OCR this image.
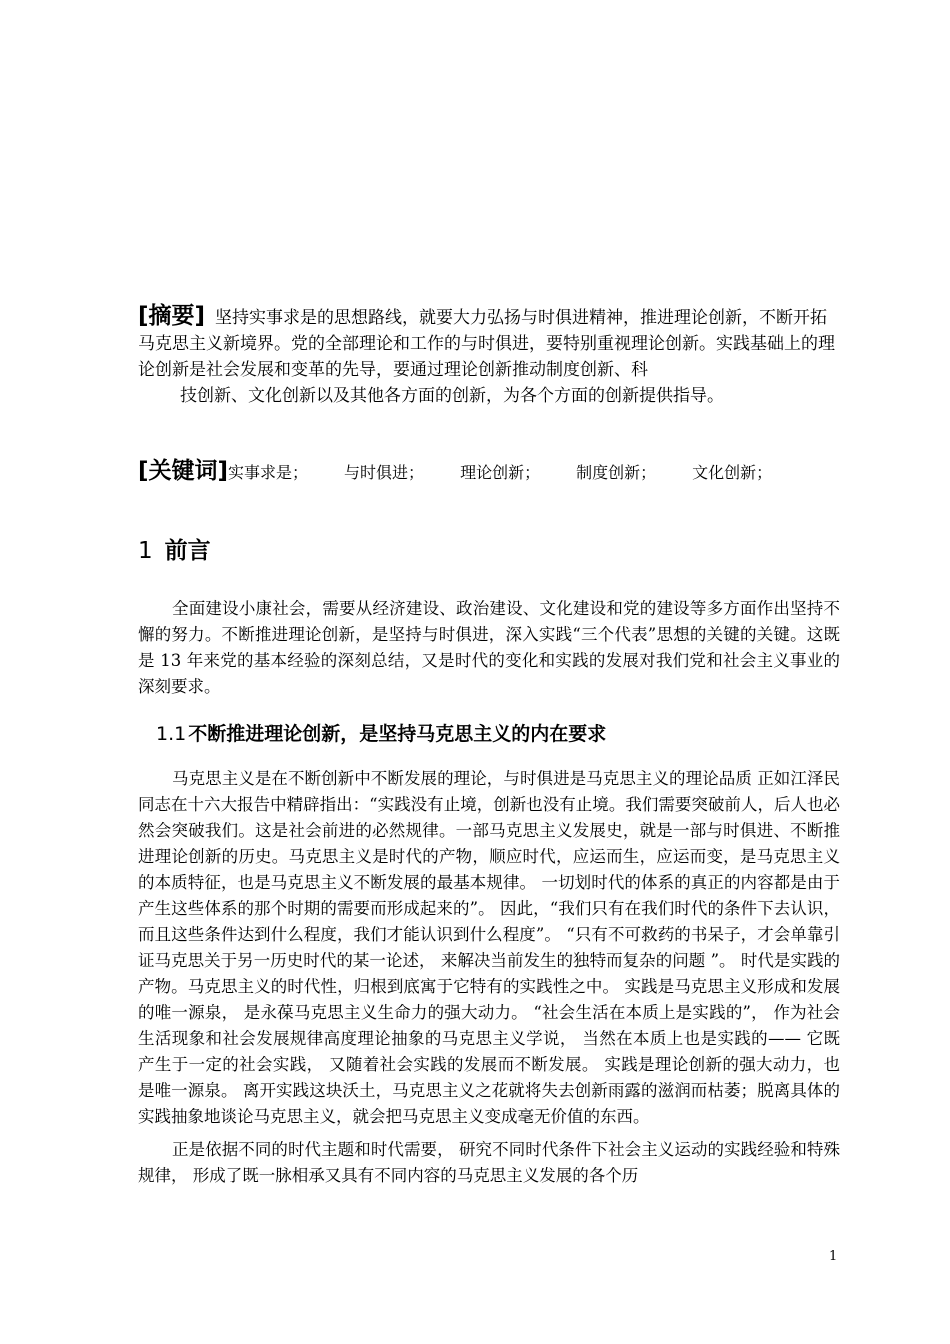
[摘要] 坚持实事求是的思想路线，就要大力弘扬与时俱进精神，推进理论创新，不断开拓马克思主义新境界。党的全部理论和工作的与时俱进，要特别重视理论创新。实践基础上的理论创新是社会发展和变革的先导，要通过理论创新推动制度创新、科
技创新、文化创新以及其他各方面的创新，为各个方面的创新提供指导。
[关键词]实事求是； 与时俱进； 理论创新； 制度创新； 文化创新；
1 前言
全面建设小康社会，需要从经济建设、政治建设、文化建设和党的建设等多方面作出坚持不懈的努力。不断推进理论创新，是坚持与时俱进，深入实践“三个代表”思想的关键的关键。这既是 13 年来党的基本经验的深刻总结，又是时代的变化和实践的发展对我们党和社会主义事业的深刻要求。
1.1 不断推进理论创新，是坚持马克思主义的内在要求
马克思主义是在不断创新中不断发展的理论，与时俱进是马克思主义的理论品质 正如江泽民同志在十六大报告中精辟指出：“实践没有止境，创新也没有止境。我们需要突破前人，后人也必然会突破我们。这是社会前进的必然规律。一部马克思主义发展史，就是一部与时俱进、不断推进理论创新的历史。马克思主义是时代的产物，顺应时代，应运而生，应运而变，是马克思主义的本质特征，也是马克思主义不断发展的最基本规律。 一切划时代的体系的真正的内容都是由于产生这些体系的那个时期的需要而形成起来的”。 因此，“我们只有在我们时代的条件下去认识，而且这些条件达到什么程度，我们才能认识到什么程度”。 “只有不可救药的书呆子，才会单靠引证马克思关于另一历史时代的某一论述， 来解决当前发生的独特而复杂的问题 ”。 时代是实践的产物。马克思主义的时代性，归根到底寓于它特有的实践性之中。 实践是马克思主义形成和发展的唯一源泉， 是永葆马克思主义生命力的强大动力。 “社会生活在本质上是实践的”， 作为社会生活现象和社会发展规律高度理论抽象的马克思主义学说， 当然在本质上也是实践的—— 它既产生于一定的社会实践， 又随着社会实践的发展而不断发展。 实践是理论创新的强大动力，也是唯一源泉。 离开实践这块沃土，马克思主义之花就将失去创新雨露的滋润而枯萎；脱离具体的实践抽象地谈论马克思主义，就会把马克思主义变成毫无价值的东西。
正是依据不同的时代主题和时代需要， 研究不同时代条件下社会主义运动的实践经验和特殊规律， 形成了既一脉相承又具有不同内容的马克思主义发展的各个历
1
